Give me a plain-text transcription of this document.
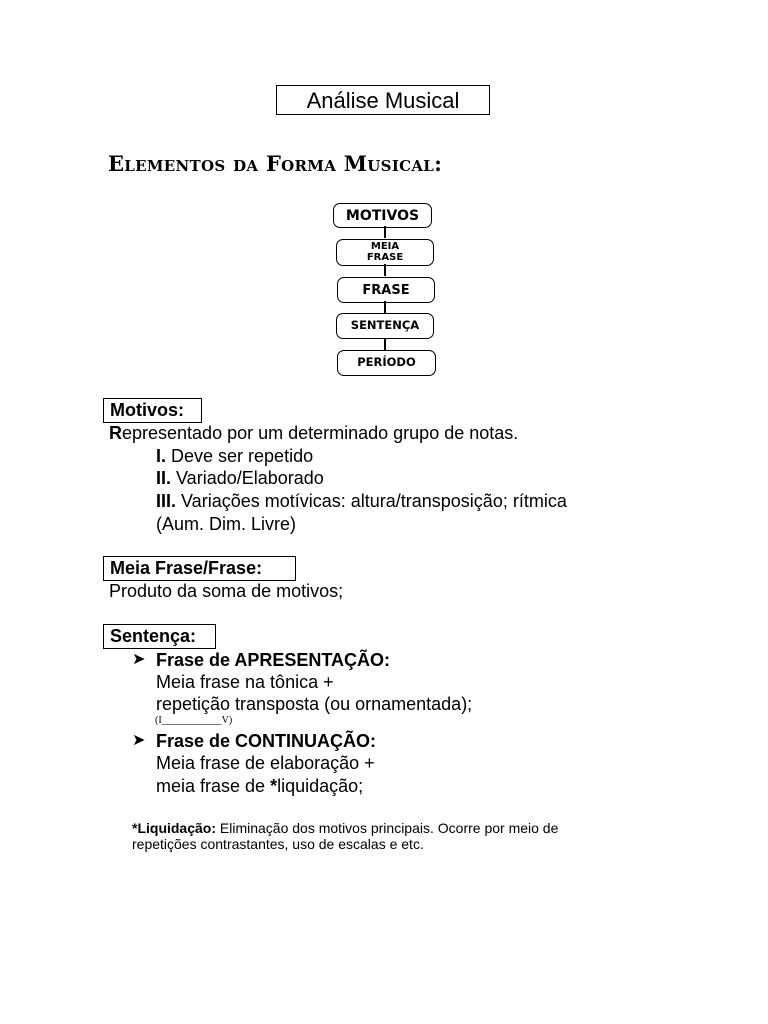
Análise Musical
Elementos da Forma Musical:
MOTIVOS
MEIA
FRASE
FRASE
SENTENÇA
PERÍODO
Motivos:
Representado por um determinado grupo de notas.
I. Deve ser repetido
II. Variado/Elaborado
III. Variações motívicas: altura/transposição; rítmica
(Aum. Dim. Livre)
Meia Frase/Frase:
Produto da soma de motivos;
Sentença:
➤ Frase de APRESENTAÇÃO:
Meia frase na tônica +
repetição transposta (ou ornamentada);
(I____________V)
➤ Frase de CONTINUAÇÃO:
Meia frase de elaboração +
meia frase de *liquidação;
*Liquidação: Eliminação dos motivos principais. Ocorre por meio de
repetições contrastantes, uso de escalas e etc.
